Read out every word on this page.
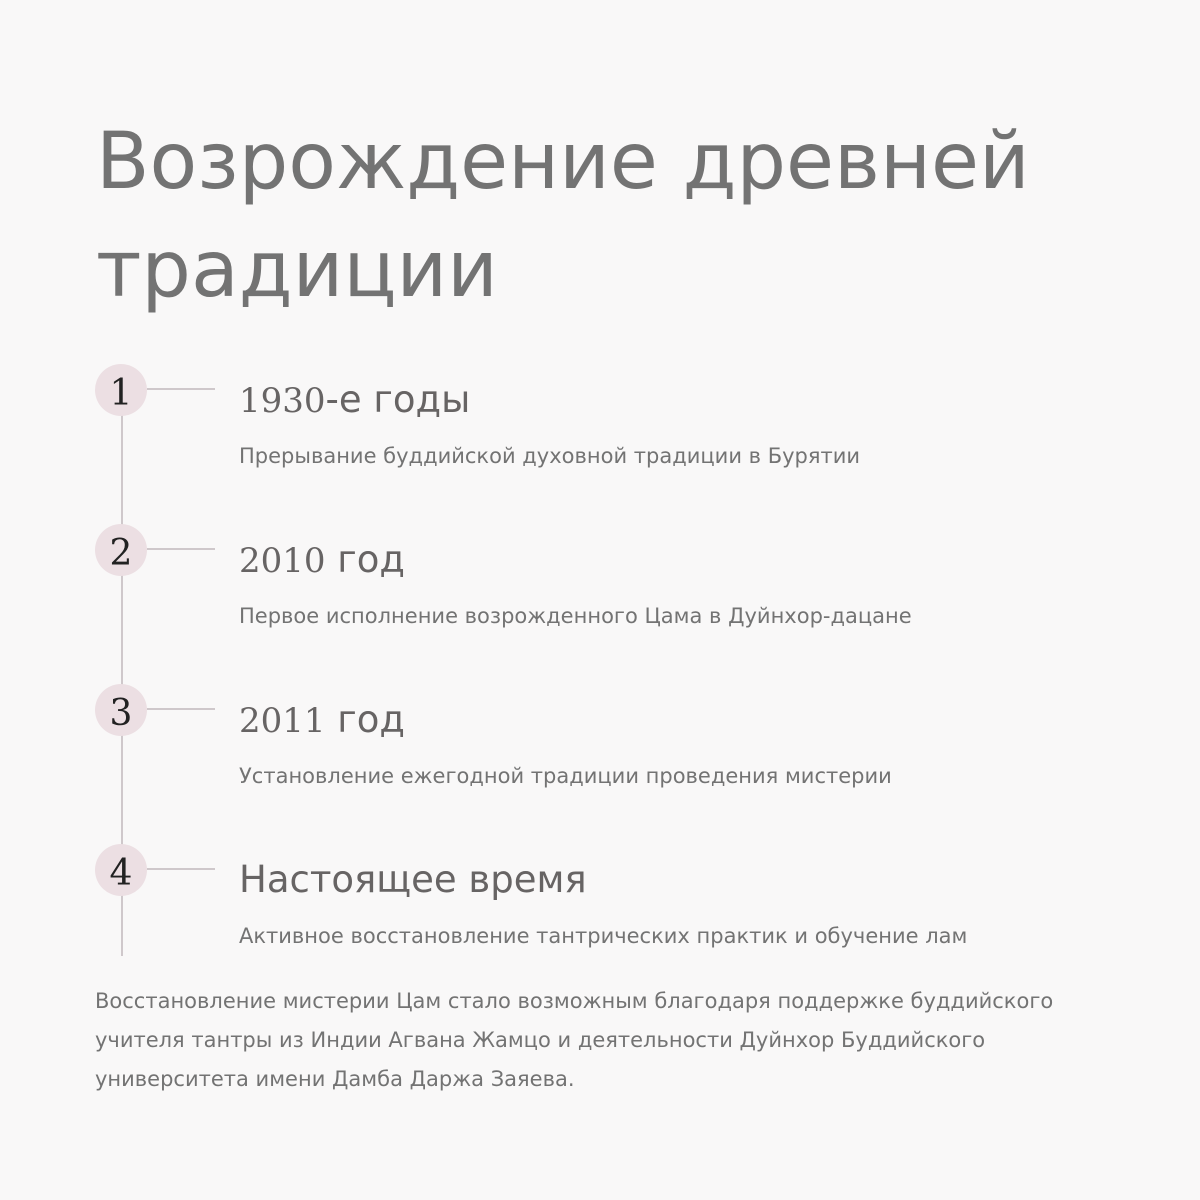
Возрождение древней традиции
1	1930-е годы
Прерывание буддийской духовной традиции в Бурятии
2	2010 год
Первое исполнение возрожденного Цама в Дуйнхор-дацане
3	2011 год
Установление ежегодной традиции проведения мистерии
4	Настоящее время
Активное восстановление тантрических практик и обучение лам

Восстановление мистерии Цам стало возможным благодаря поддержке буддийского учителя тантры из Индии Агвана Жамцо и деятельности Дуйнхор Буддийского университета имени Дамба Даржа Заяева.
